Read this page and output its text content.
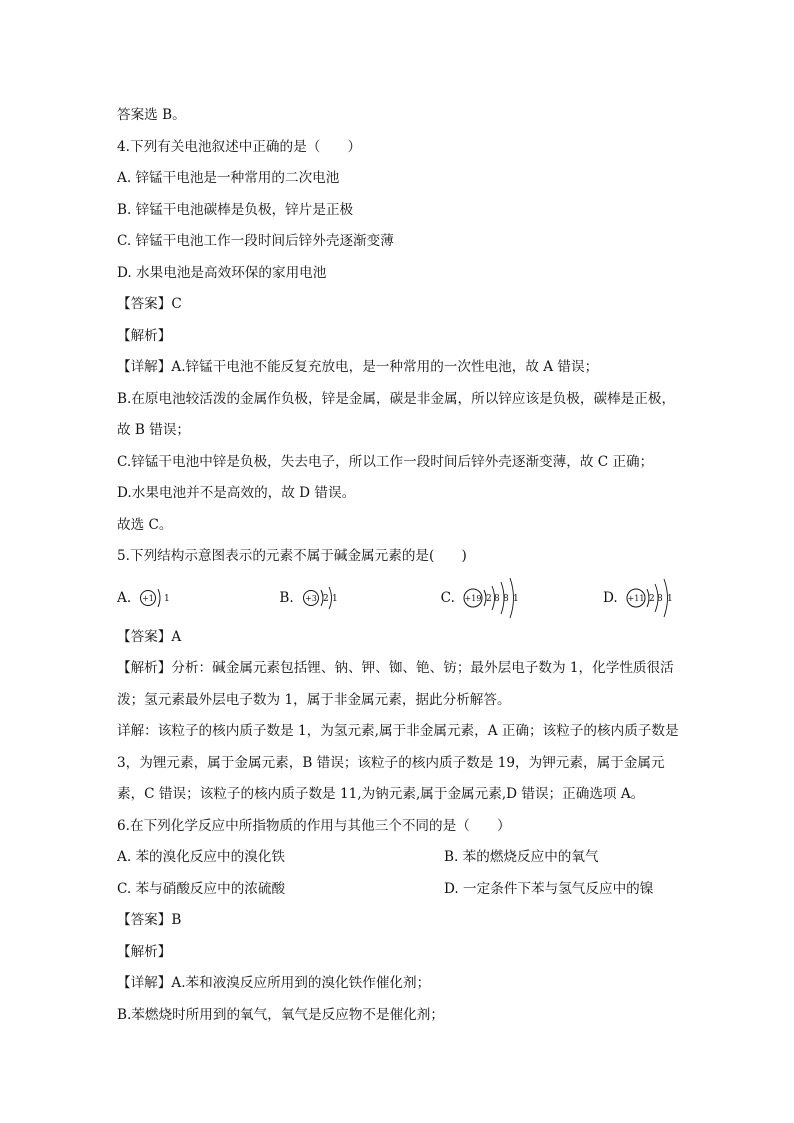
答案选 B。
4.下列有关电池叙述中正确的是（　　）
A. 锌锰干电池是一种常用的二次电池
B. 锌锰干电池碳棒是负极，锌片是正极
C. 锌锰干电池工作一段时间后锌外壳逐渐变薄
D. 水果电池是高效环保的家用电池
【答案】C
【解析】
【详解】A.锌锰干电池不能反复充放电，是一种常用的一次性电池，故 A 错误；
B.在原电池较活泼的金属作负极，锌是金属，碳是非金属，所以锌应该是负极，碳棒是正极，故 B 错误；
C.锌锰干电池中锌是负极，失去电子，所以工作一段时间后锌外壳逐渐变薄，故 C 正确；
D.水果电池并不是高效的，故 D 错误。
故选 C。
5.下列结构示意图表示的元素不属于碱金属元素的是(　　)
A. +1 1	B. +3 2 1	C. +19 2 8 8 1	D. +11 2 8 1
【答案】A
【解析】分析：碱金属元素包括锂、钠、钾、铷、铯、钫；最外层电子数为 1，化学性质很活泼；氢元素最外层电子数为 1，属于非金属元素，据此分析解答。
详解：该粒子的核内质子数是 1，为氢元素,属于非金属元素，A 正确；该粒子的核内质子数是 3，为锂元素，属于金属元素，B 错误；该粒子的核内质子数是 19，为钾元素，属于金属元素，C 错误；该粒子的核内质子数是 11,为钠元素,属于金属元素,D 错误；正确选项 A。
6.在下列化学反应中所指物质的作用与其他三个不同的是（　　）
A. 苯的溴化反应中的溴化铁	B. 苯的燃烧反应中的氧气
C. 苯与硝酸反应中的浓硫酸	D. 一定条件下苯与氢气反应中的镍
【答案】B
【解析】
【详解】A.苯和液溴反应所用到的溴化铁作催化剂；
B.苯燃烧时所用到的氧气，氧气是反应物不是催化剂；
